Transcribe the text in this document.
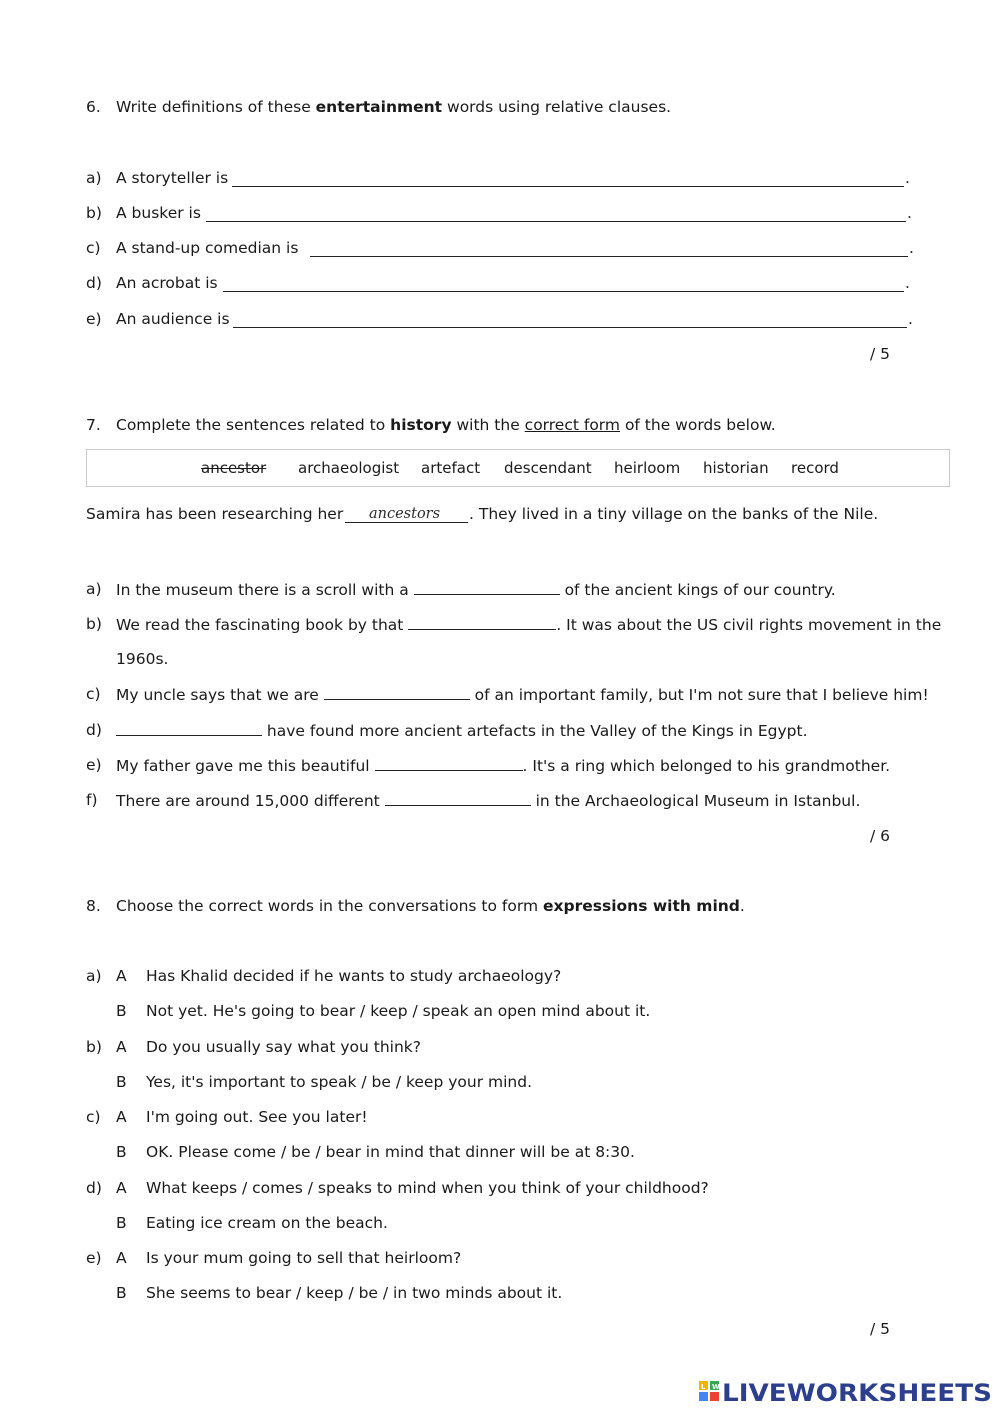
6. Write definitions of these entertainment words using relative clauses.
a) A storyteller is	.
b) A busker is	.
c) A stand-up comedian is	.
d) An acrobat is	.
e) An audience is	.
/ 5
7. Complete the sentences related to history with the correct form of the words below.
ancestor archaeologist artefact descendant heirloom historian record
Samira has been researching her ancestors . They lived in a tiny village on the banks of the Nile.
a) In the museum there is a scroll with a	of the ancient kings of our country.
b) We read the fascinating book by that	. It was about the US civil rights movement in the
1960s.
c) My uncle says that we are	of an important family, but I'm not sure that I believe him!
d)	have found more ancient artefacts in the Valley of the Kings in Egypt.
e) My father gave me this beautiful	. It's a ring which belonged to his grandmother.
f) There are around 15,000 different	in the Archaeological Museum in Istanbul.
/ 6
8. Choose the correct words in the conversations to form expressions with mind.
a) A Has Khalid decided if he wants to study archaeology?
B Not yet. He's going to bear / keep / speak an open mind about it.
b) A Do you usually say what you think?
B Yes, it's important to speak / be / keep your mind.
c) A I'm going out. See you later!
B OK. Please come / be / bear in mind that dinner will be at 8:30.
d) A What keeps / comes / speaks to mind when you think of your childhood?
B Eating ice cream on the beach.
e) A Is your mum going to sell that heirloom?
B She seems to bear / keep / be / in two minds about it.
/ 5
L W LIVEWORKSHEETS
